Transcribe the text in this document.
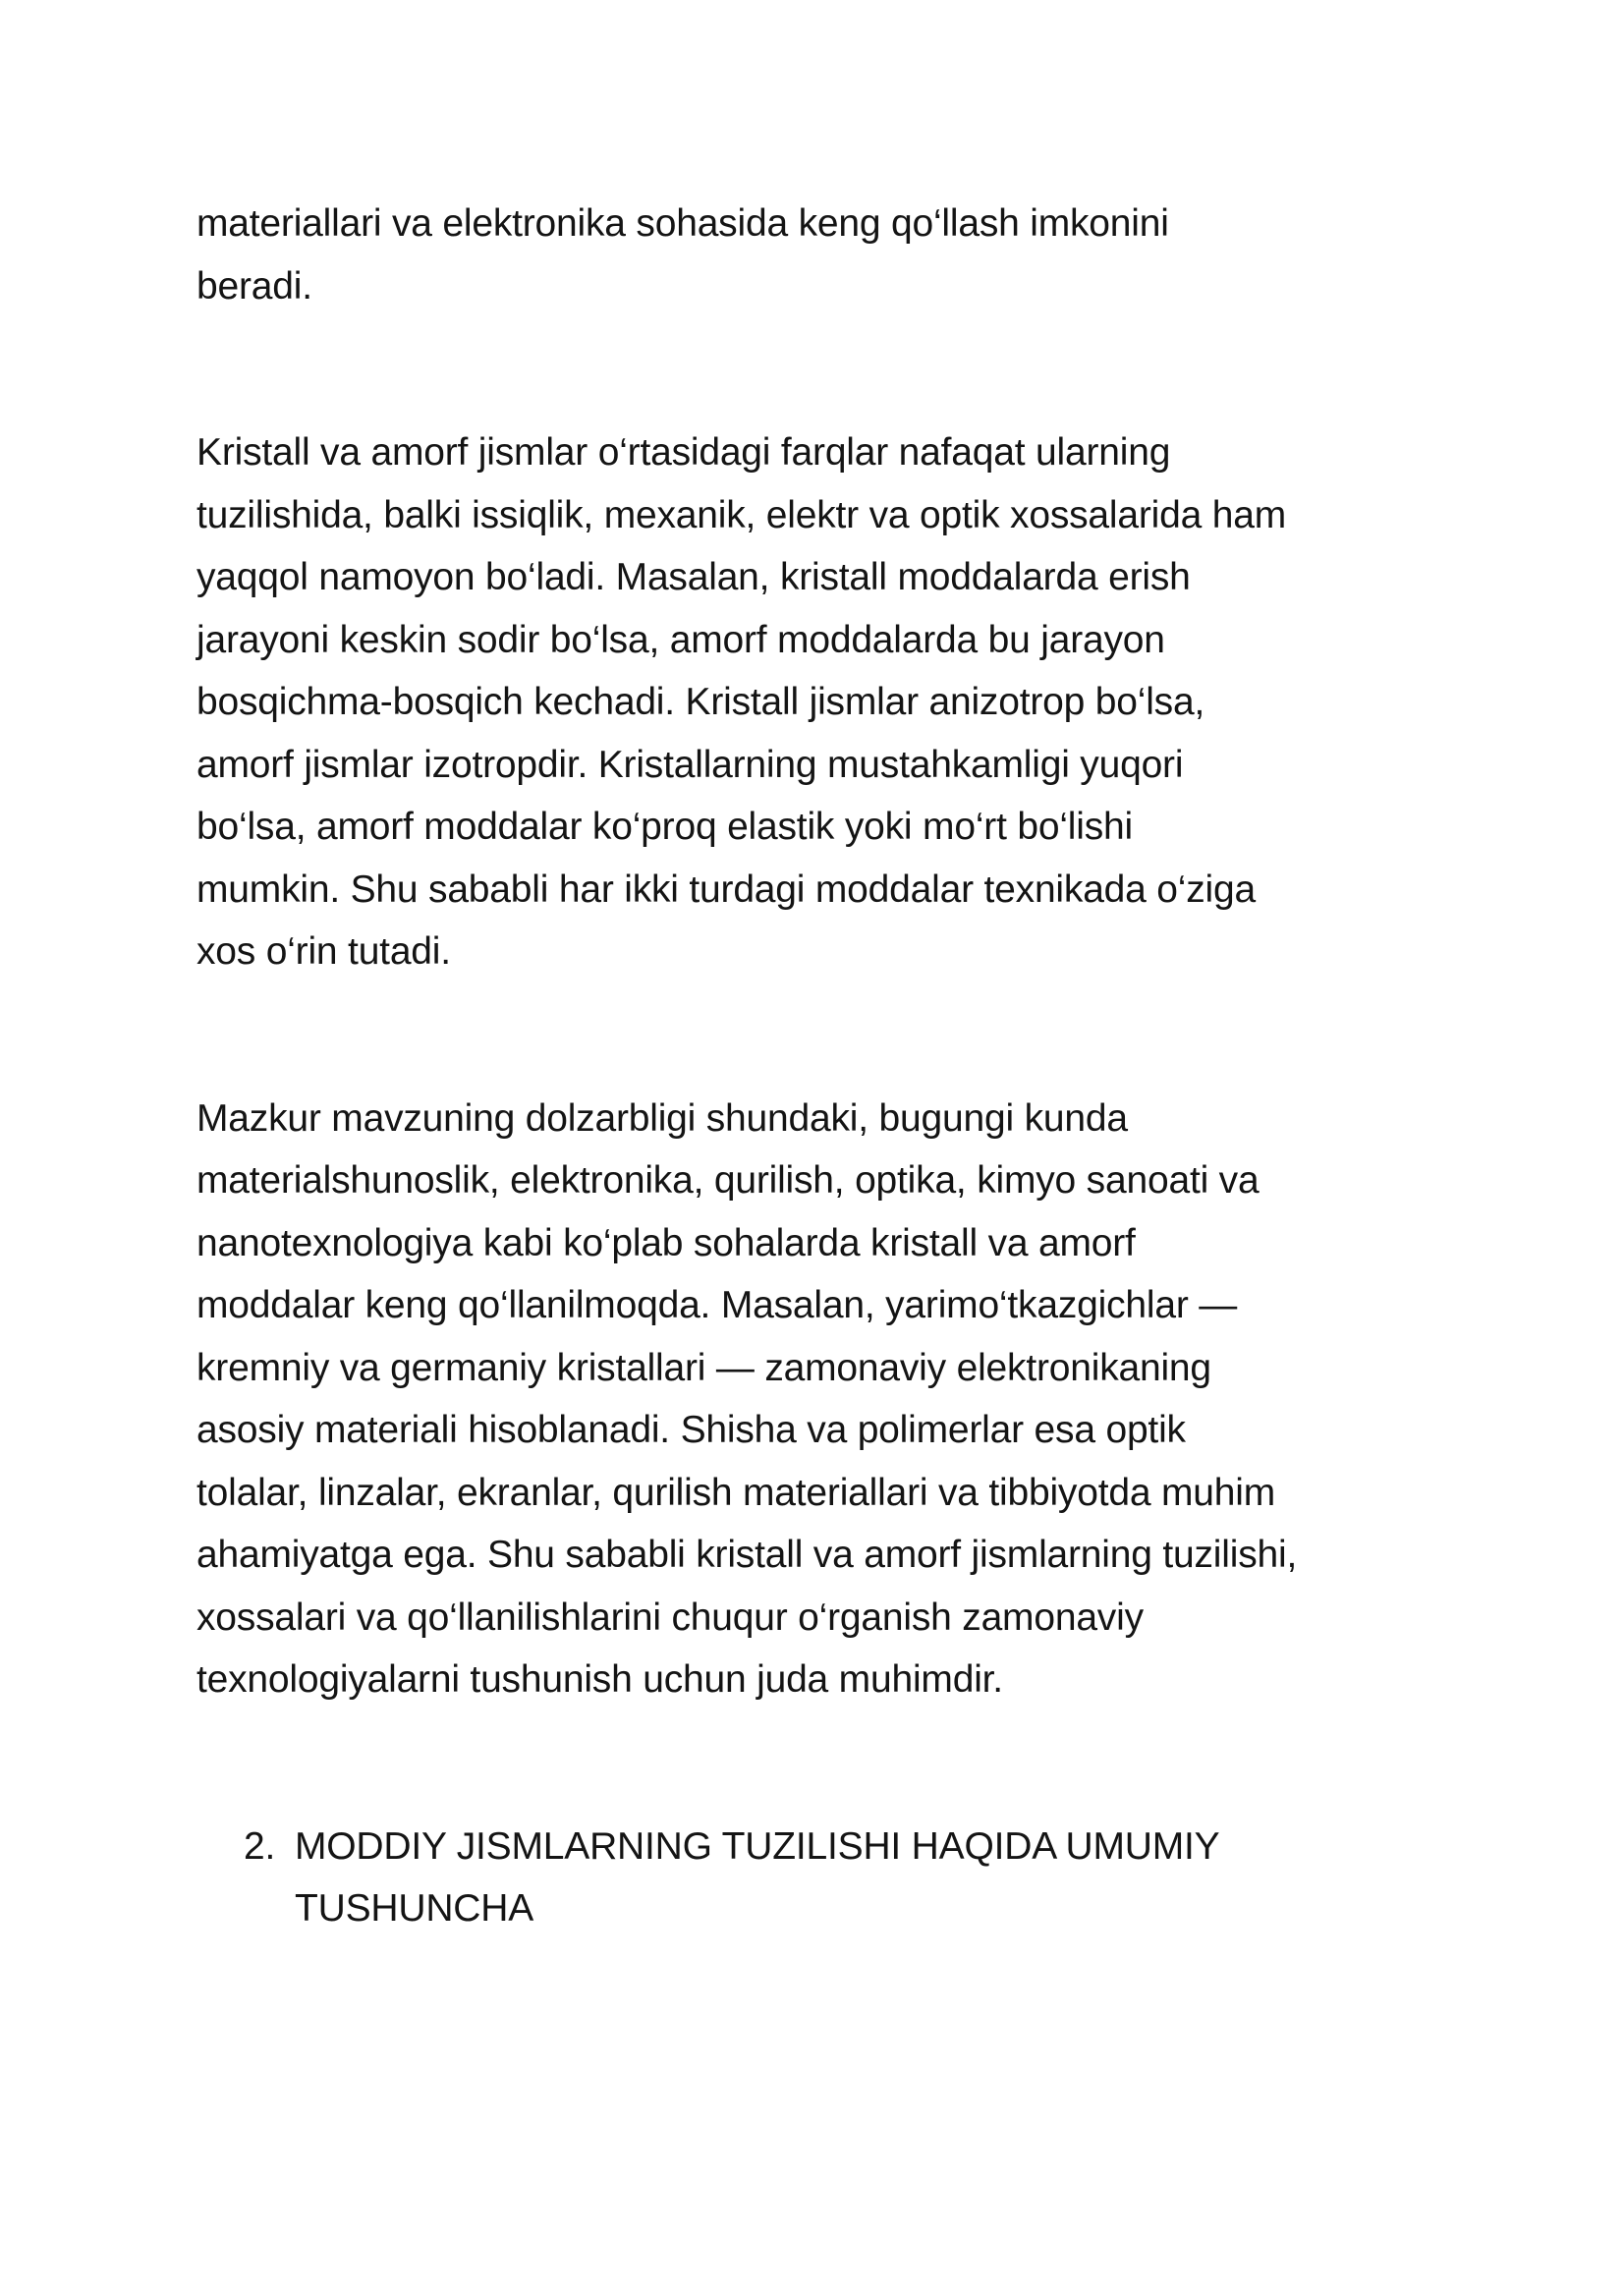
materiallari va elektronika sohasida keng qo‘llash imkonini
beradi.

Kristall va amorf jismlar o‘rtasidagi farqlar nafaqat ularning
tuzilishida, balki issiqlik, mexanik, elektr va optik xossalarida ham
yaqqol namoyon bo‘ladi. Masalan, kristall moddalarda erish
jarayoni keskin sodir bo‘lsa, amorf moddalarda bu jarayon
bosqichma-bosqich kechadi. Kristall jismlar anizotrop bo‘lsa,
amorf jismlar izotropdir. Kristallarning mustahkamligi yuqori
bo‘lsa, amorf moddalar ko‘proq elastik yoki mo‘rt bo‘lishi
mumkin. Shu sababli har ikki turdagi moddalar texnikada o‘ziga
xos o‘rin tutadi.

Mazkur mavzuning dolzarbligi shundaki, bugungi kunda
materialshunoslik, elektronika, qurilish, optika, kimyo sanoati va
nanotexnologiya kabi ko‘plab sohalarda kristall va amorf
moddalar keng qo‘llanilmoqda. Masalan, yarimo‘tkazgichlar —
kremniy va germaniy kristallari — zamonaviy elektronikaning
asosiy materiali hisoblanadi. Shisha va polimerlar esa optik
tolalar, linzalar, ekranlar, qurilish materiallari va tibbiyotda muhim
ahamiyatga ega. Shu sababli kristall va amorf jismlarning tuzilishi,
xossalari va qo‘llanilishlarini chuqur o‘rganish zamonaviy
texnologiyalarni tushunish uchun juda muhimdir.

2. MODDIY JISMLARNING TUZILISHI HAQIDA UMUMIY
TUSHUNCHA
